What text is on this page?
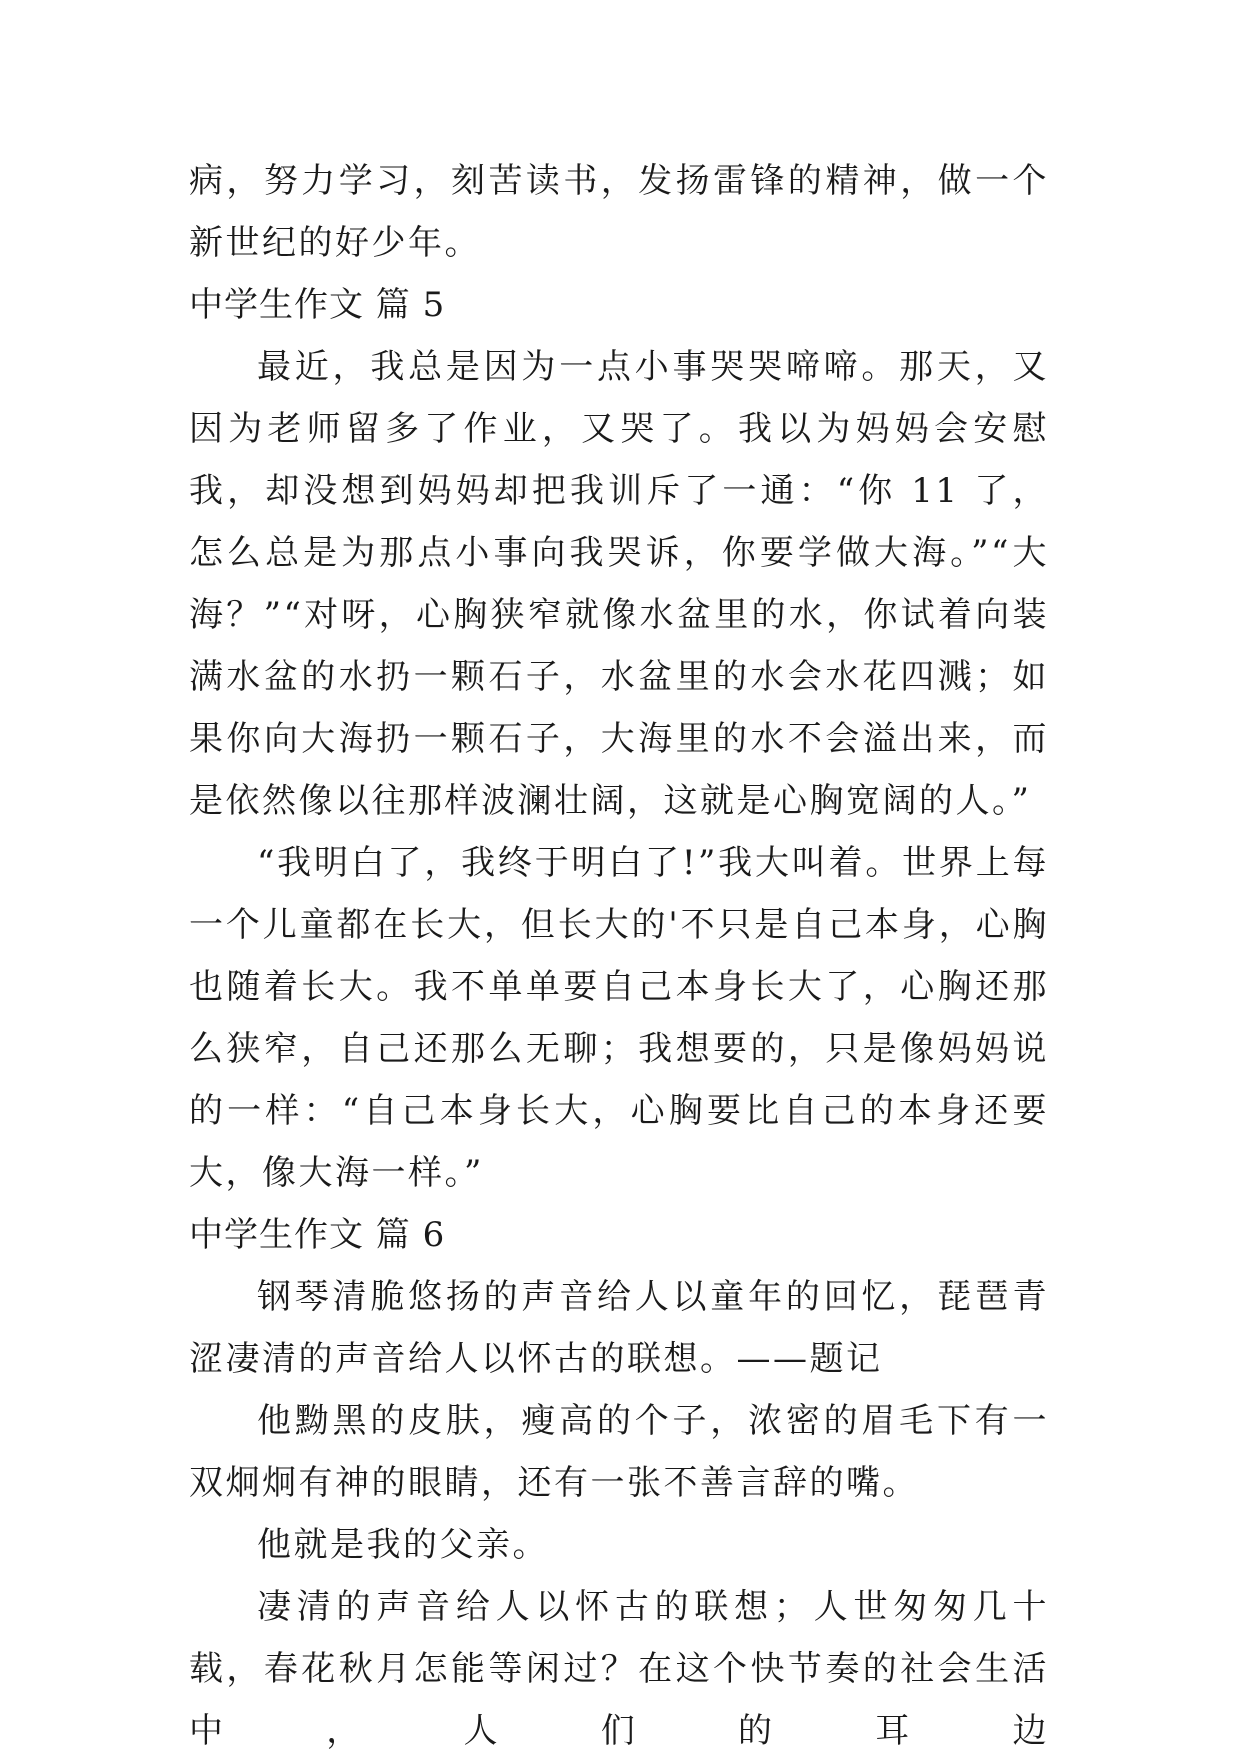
病，努力学习，刻苦读书，发扬雷锋的精神，做一个新世纪的好少年。

中学生作文 篇 5

最近，我总是因为一点小事哭哭啼啼。那天，又因为老师留多了作业，又哭了。我以为妈妈会安慰我，却没想到妈妈却把我训斥了一通：“你 11 了，怎么总是为那点小事向我哭诉，你要学做大海。”“大海？”“对呀，心胸狭窄就像水盆里的水，你试着向装满水盆的水扔一颗石子，水盆里的水会水花四溅；如果你向大海扔一颗石子，大海里的水不会溢出来，而是依然像以往那样波澜壮阔，这就是心胸宽阔的人。”

“我明白了，我终于明白了!”我大叫着。世界上每一个儿童都在长大，但长大的'不只是自己本身，心胸也随着长大。我不单单要自己本身长大了，心胸还那么狭窄，自己还那么无聊；我想要的，只是像妈妈说的一样：“自己本身长大，心胸要比自己的本身还要大，像大海一样。”

中学生作文 篇 6

钢琴清脆悠扬的声音给人以童年的回忆，琵琶青涩凄清的声音给人以怀古的联想。——题记

他黝黑的皮肤，瘦高的个子，浓密的眉毛下有一双炯炯有神的眼睛，还有一张不善言辞的嘴。

他就是我的父亲。

凄清的声音给人以怀古的联想；人世匆匆几十载，春花秋月怎能等闲过？在这个快节奏的社会生活中，人们的耳边
